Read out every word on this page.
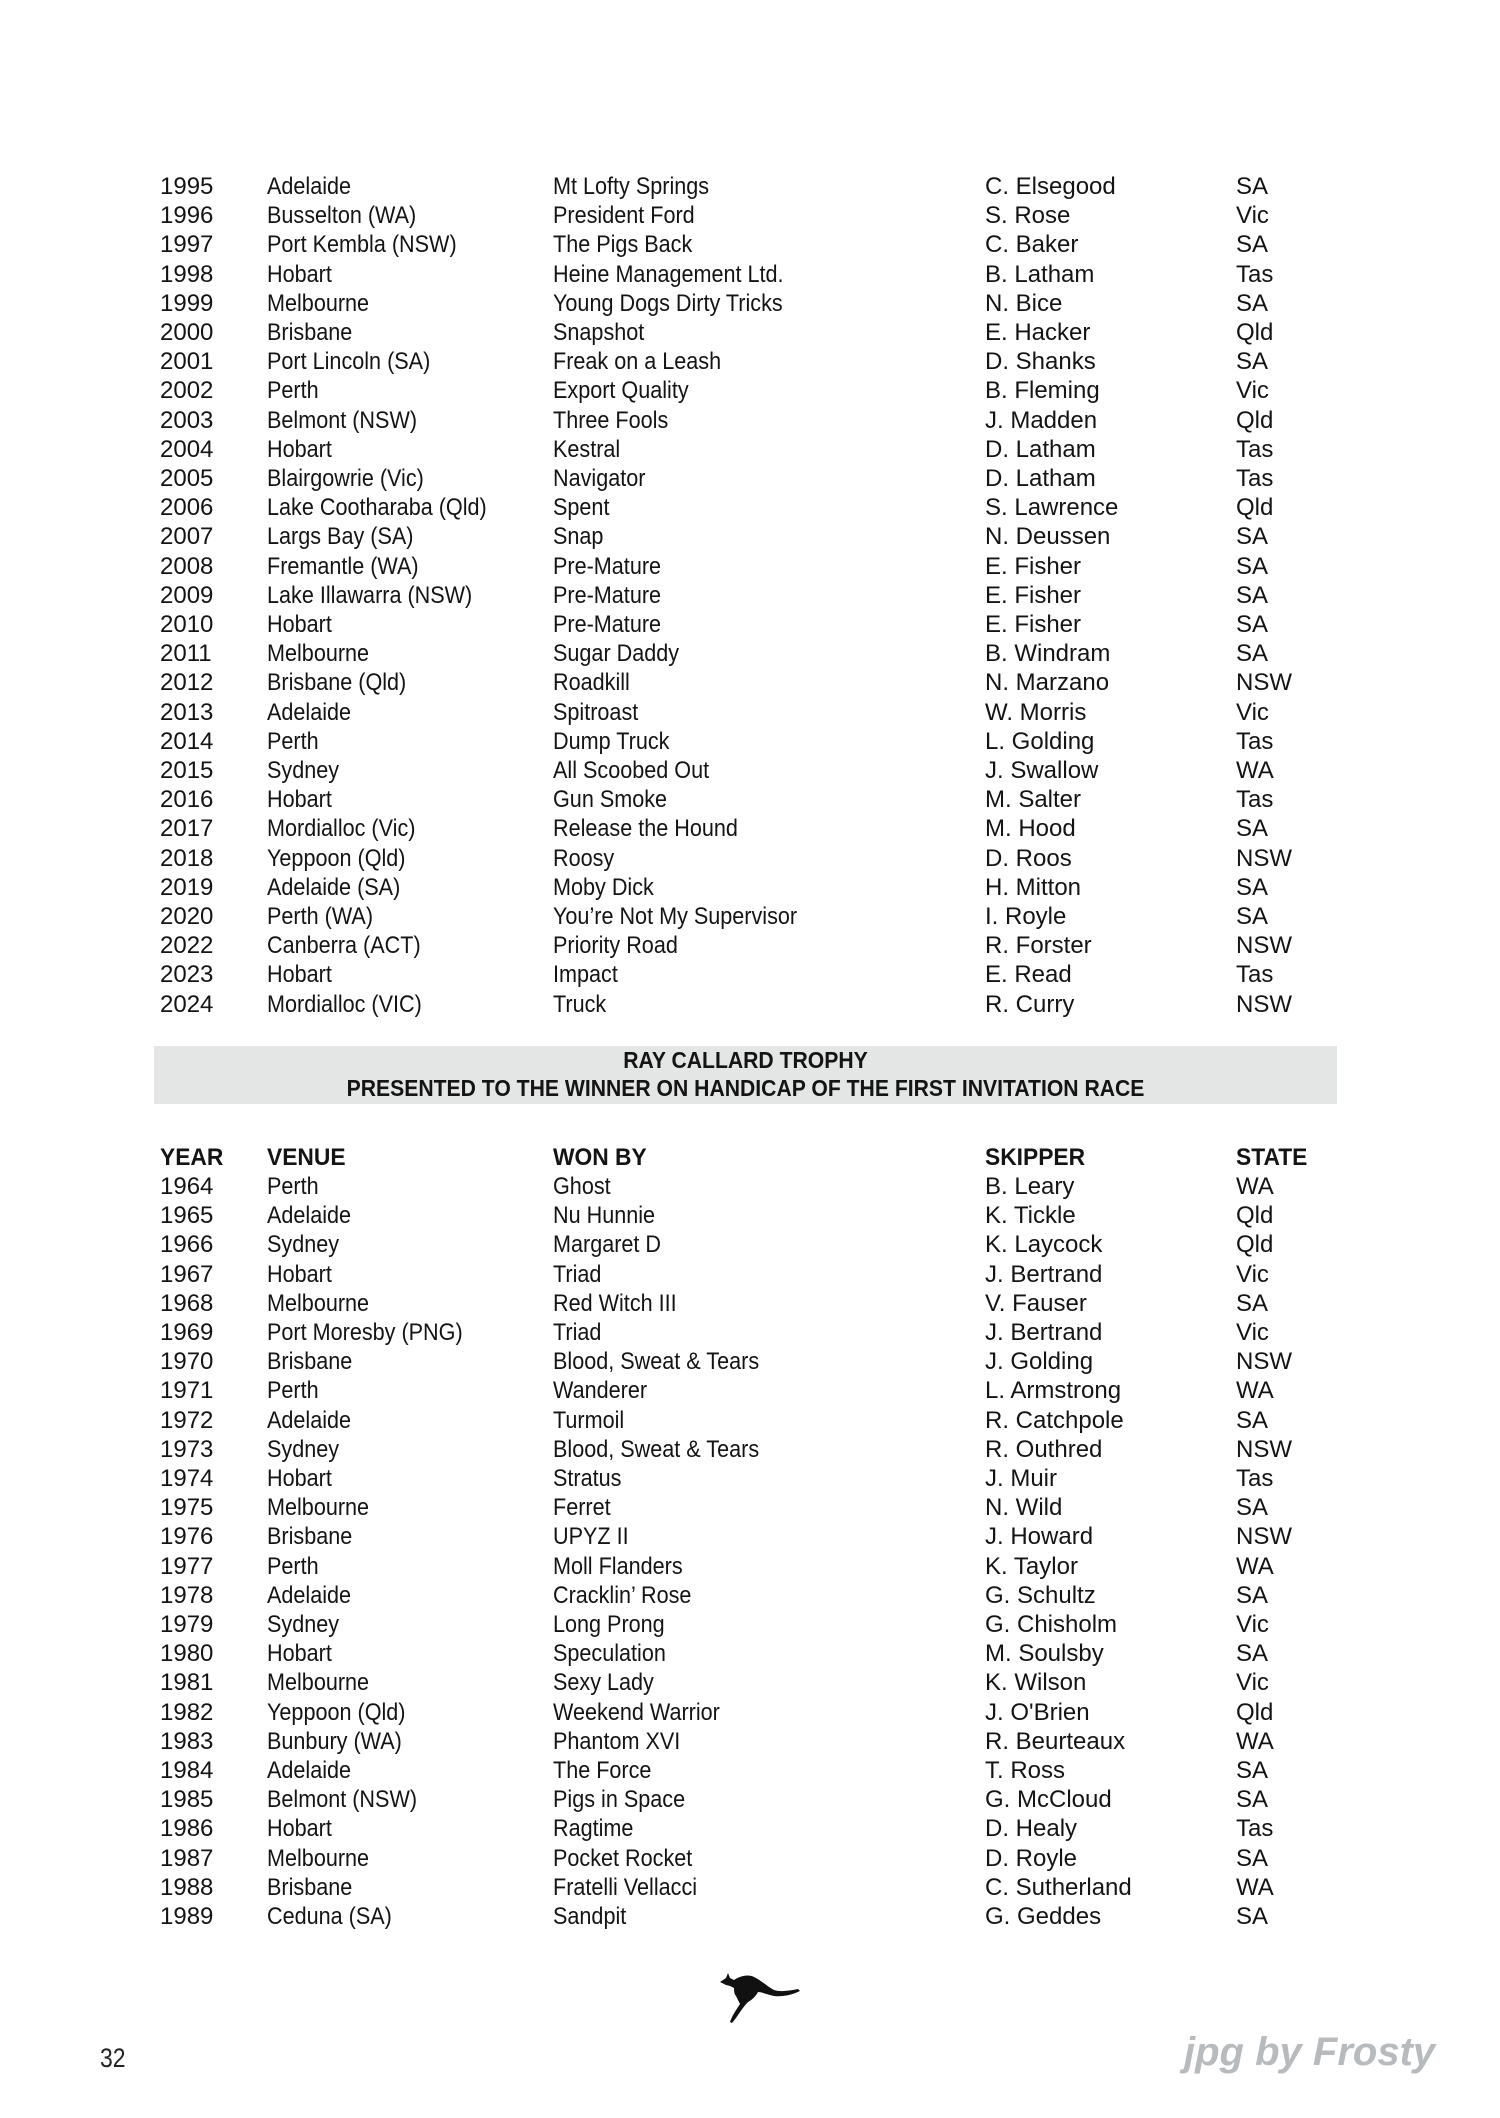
1995 Adelaide	Mt Lofty Springs	C. Elsegood	SA
1996 Busselton (WA)	President Ford	S. Rose	Vic
1997 Port Kembla (NSW)	The Pigs Back	C. Baker	SA
1998 Hobart	Heine Management Ltd.	B. Latham	Tas
1999 Melbourne	Young Dogs Dirty Tricks	N. Bice	SA
2000 Brisbane	Snapshot	E. Hacker	Qld
2001 Port Lincoln (SA)	Freak on a Leash	D. Shanks	SA
2002 Perth	Export Quality	B. Fleming	Vic
2003 Belmont (NSW)	Three Fools	J. Madden	Qld
2004 Hobart	Kestral	D. Latham	Tas
2005 Blairgowrie (Vic)	Navigator	D. Latham	Tas
2006 Lake Cootharaba (Qld)	Spent	S. Lawrence	Qld
2007 Largs Bay (SA)	Snap	N. Deussen	SA
2008 Fremantle (WA)	Pre-Mature	E. Fisher	SA
2009 Lake Illawarra (NSW)	Pre-Mature	E. Fisher	SA
2010 Hobart	Pre-Mature	E. Fisher	SA
2011 Melbourne	Sugar Daddy	B. Windram	SA
2012 Brisbane (Qld)	Roadkill	N. Marzano	NSW
2013 Adelaide	Spitroast	W. Morris	Vic
2014 Perth	Dump Truck	L. Golding	Tas
2015 Sydney	All Scoobed Out	J. Swallow	WA
2016 Hobart	Gun Smoke	M. Salter	Tas
2017 Mordialloc (Vic)	Release the Hound	M. Hood	SA
2018 Yeppoon (Qld)	Roosy	D. Roos	NSW
2019 Adelaide (SA)	Moby Dick	H. Mitton	SA
2020 Perth (WA)	You’re Not My Supervisor	I. Royle	SA
2022 Canberra (ACT)	Priority Road	R. Forster	NSW
2023 Hobart	Impact	E. Read	Tas
2024 Mordialloc (VIC)	Truck	R. Curry	NSW
RAY CALLARD TROPHY
PRESENTED TO THE WINNER ON HANDICAP OF THE FIRST INVITATION RACE
YEAR VENUE	WON BY	SKIPPER	STATE
1964 Perth	Ghost	B. Leary	WA
1965 Adelaide	Nu Hunnie	K. Tickle	Qld
1966 Sydney	Margaret D	K. Laycock	Qld
1967 Hobart	Triad	J. Bertrand	Vic
1968 Melbourne	Red Witch III	V. Fauser	SA
1969 Port Moresby (PNG)	Triad	J. Bertrand	Vic
1970 Brisbane	Blood, Sweat & Tears	J. Golding	NSW
1971 Perth	Wanderer	L. Armstrong	WA
1972 Adelaide	Turmoil	R. Catchpole	SA
1973 Sydney	Blood, Sweat & Tears	R. Outhred	NSW
1974 Hobart	Stratus	J. Muir	Tas
1975 Melbourne	Ferret	N. Wild	SA
1976 Brisbane	UPYZ II	J. Howard	NSW
1977 Perth	Moll Flanders	K. Taylor	WA
1978 Adelaide	Cracklin’ Rose	G. Schultz	SA
1979 Sydney	Long Prong	G. Chisholm	Vic
1980 Hobart	Speculation	M. Soulsby	SA
1981 Melbourne	Sexy Lady	K. Wilson	Vic
1982 Yeppoon (Qld)	Weekend Warrior	J. O'Brien	Qld
1983 Bunbury (WA)	Phantom XVI	R. Beurteaux	WA
1984 Adelaide	The Force	T. Ross	SA
1985 Belmont (NSW)	Pigs in Space	G. McCloud	SA
1986 Hobart	Ragtime	D. Healy	Tas
1987 Melbourne	Pocket Rocket	D. Royle	SA
1988 Brisbane	Fratelli Vellacci	C. Sutherland	WA
1989 Ceduna (SA)	Sandpit	G. Geddes	SA
32	jpg by Frosty
